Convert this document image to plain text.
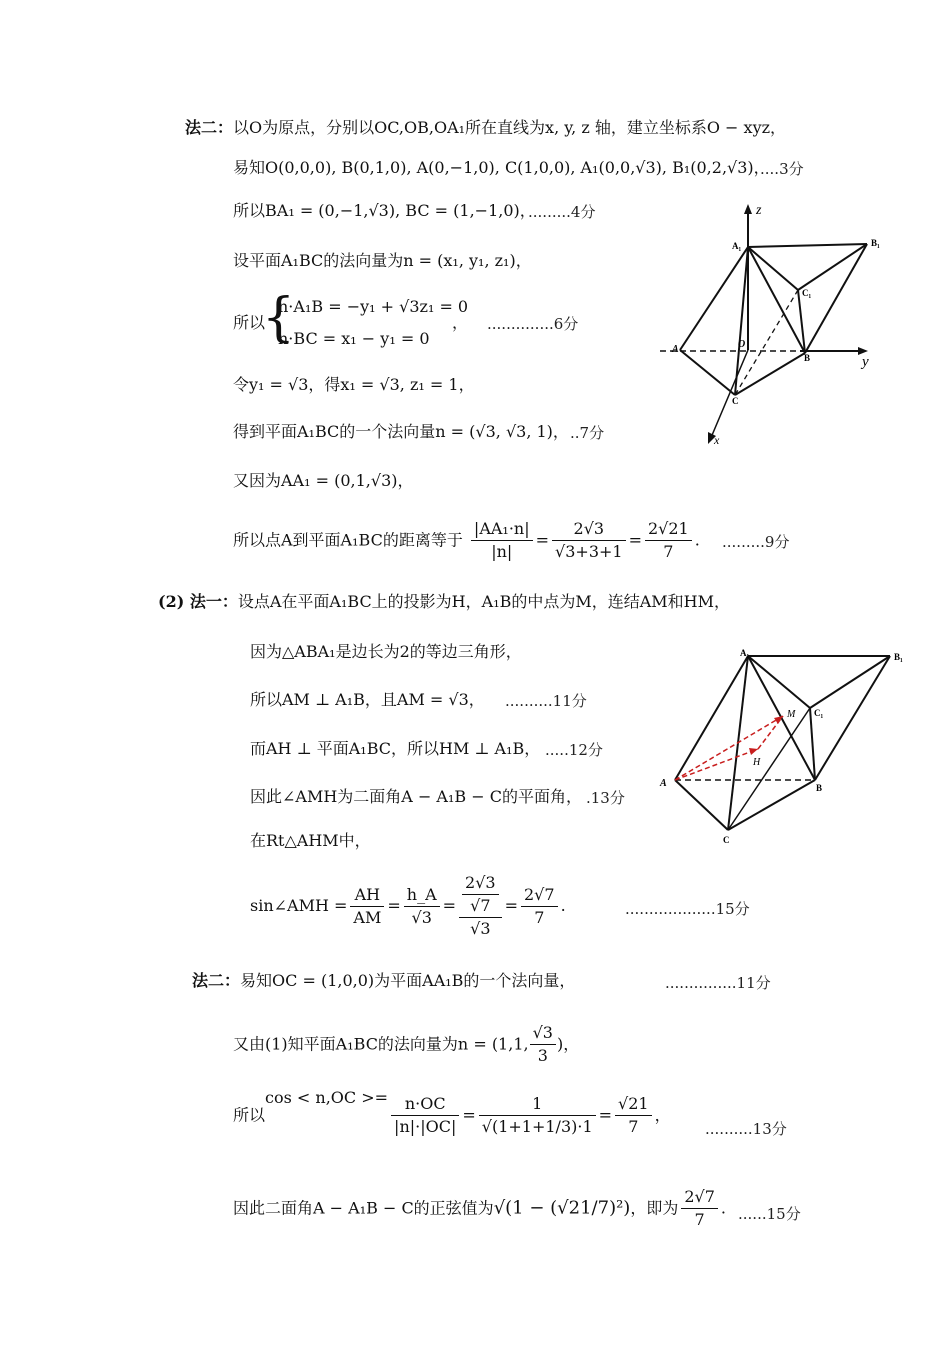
法二：以O为原点，分别以OC,OB,OA₁所在直线为x, y, z 轴，建立坐标系O − xyz，
易知O(0,0,0), B(0,1,0), A(0,−1,0), C(1,0,0), A₁(0,0,√3), B₁(0,2,√3)，
....3分
所以BA₁ = (0,−1,√3), BC = (1,−1,0)，
.........4分
设平面A₁BC的法向量为n = (x₁, y₁, z₁)，
所以
{
n·A₁B = −y₁ + √3z₁ = 0
n·BC = x₁ − y₁ = 0
， ..............6分
令y₁ = √3，得x₁ = √3, z₁ = 1，
得到平面A₁BC的一个法向量n = (√3, √3, 1)， ..7分
又因为AA₁ = (0,1,√3)，
所以点A到平面A₁BC的距离等于 $\frac{\text{|AA₁·n|}}{|n|} = \frac{2√3}{√3+3+1} = \frac{2√21}{7}$ . .........9分
z
y
x
A₁	B₁
C₁
A	O
B
C
(2) 法一：设点A在平面A₁BC上的投影为H，A₁B的中点为M，连结AM和HM，
因为△ABA₁是边长为2的等边三角形，
所以AM ⊥ A₁B，且AM = √3， ..........11分
而AH ⊥ 平面A₁BC，所以HM ⊥ A₁B， .....12分
因此∠AMH为二面角A − A₁B − C的平面角， .13分
在Rt△AHM中，
sin∠AMH = $\frac{AH}{AM} = \frac{h\_A}{√3} = \frac{\frac{2√3}{√7}}{√3} = \frac{2√7}{7}$ .	...................15分
A₁	B₁
C₁
M
H
A	B
C
法二：易知OC = (1,0,0)为平面AA₁B的一个法向量，	...............11分
又由(1)知平面A₁BC的法向量为n = (1,1, $\frac{√3}{3}$ )，
所以$\cos < n,OC >= \frac{n\cdot OC}{|n|\cdot|OC|} = \frac{1}{√(1+1+1/3)\cdot 1} = \frac{√21}{7}$ ，
..........13分
因此二面角A − A₁B − C的正弦值为√(1 − (√21/7)²)，即为 $\frac{2√7}{7}$ . ......15分
